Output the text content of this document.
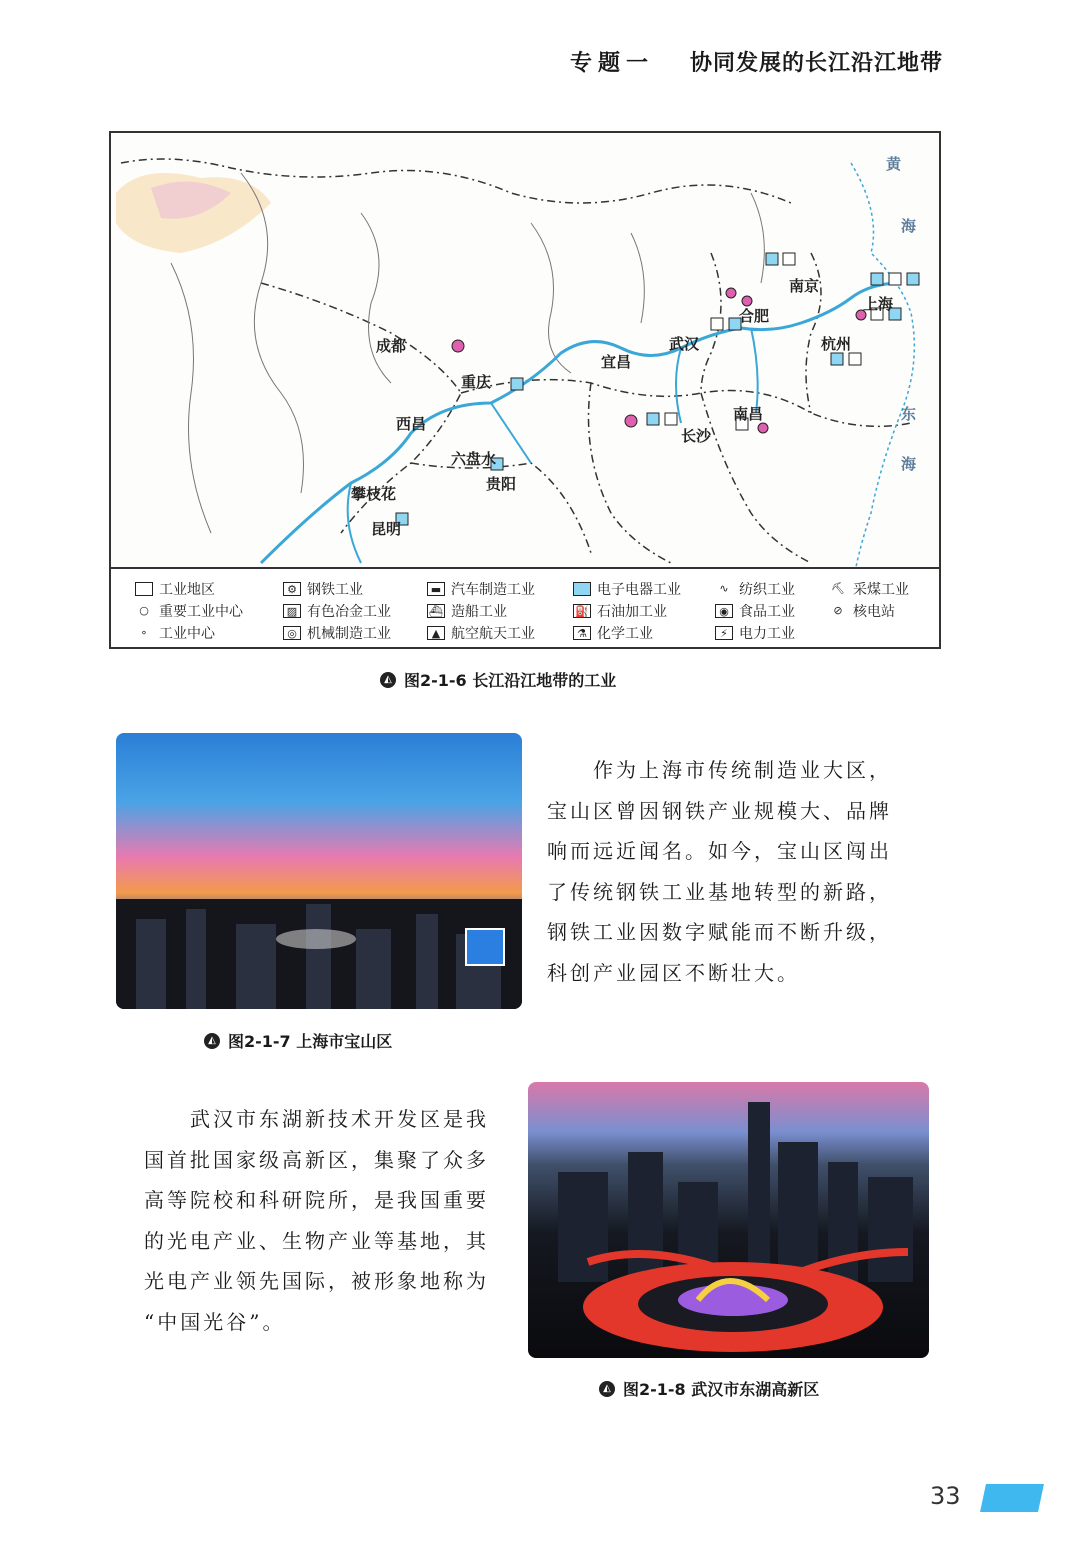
专题一 协同发展的长江沿江地带
成都
重庆
宜昌
武汉
长沙
南昌
合肥
南京
上海
杭州
贵阳
六盘水
攀枝花
昆明
西昌
黄
海
东
海
工业地区
○ 重要工业中心
∘ 工业中心
⚙ 钢铁工业
▨ 有色冶金工业
◎ 机械制造工业
▬ 汽车制造工业
⛴ 造船工业
▲ 航空航天工业
电子电器工业
⛽ 石油加工业
⚗ 化学工业
∿ 纺织工业
◉ 食品工业
⚡ 电力工业
⛏ 采煤工业
⊘ 核电站
◭ 图2-1-6 长江沿江地带的工业
◭ 图2-1-7 上海市宝山区
　　作为上海市传统制造业大区，
宝山区曾因钢铁产业规模大、品牌
响而远近闻名。如今，宝山区闯出
了传统钢铁工业基地转型的新路，
钢铁工业因数字赋能而不断升级，
科创产业园区不断壮大。
　　武汉市东湖新技术开发区是我
国首批国家级高新区，集聚了众多
高等院校和科研院所，是我国重要
的光电产业、生物产业等基地，其
光电产业领先国际，被形象地称为
“中国光谷”。
◭ 图2-1-8 武汉市东湖高新区
33
